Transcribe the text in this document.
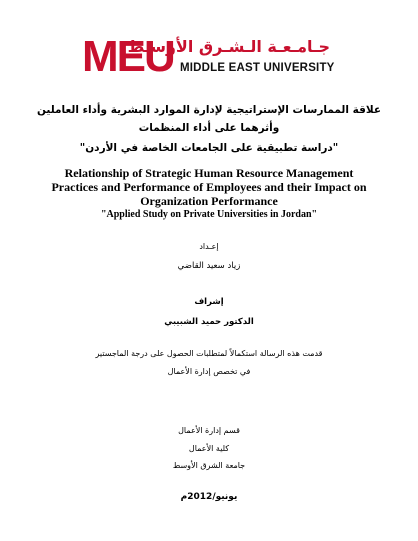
MEU
جـامـعـة الـشـرق الأوسـط
MIDDLE EAST UNIVERSITY
علاقة الممارسات الإستراتيجية لإدارة الموارد البشرية وأداء العاملين
وأثرهما على أداء المنظمات
"دراسة تطبيقية على الجامعات الخاصة في الأردن"
Relationship of Strategic Human Resource Management
Practices and Performance of Employees and their Impact on
Organization Performance
"Applied Study on Private Universities in Jordan"
إعـداد
زياد سعيد القاضي
إشراف
الدكتور حميد الشبيبي
قدمت هذه الرسالة استكمالاً لمتطلبات الحصول على درجة الماجستير
في تخصص إدارة الأعمال
قسم إدارة الأعمال
كلية الأعمال
جامعة الشرق الأوسط
يونيو/2012م
